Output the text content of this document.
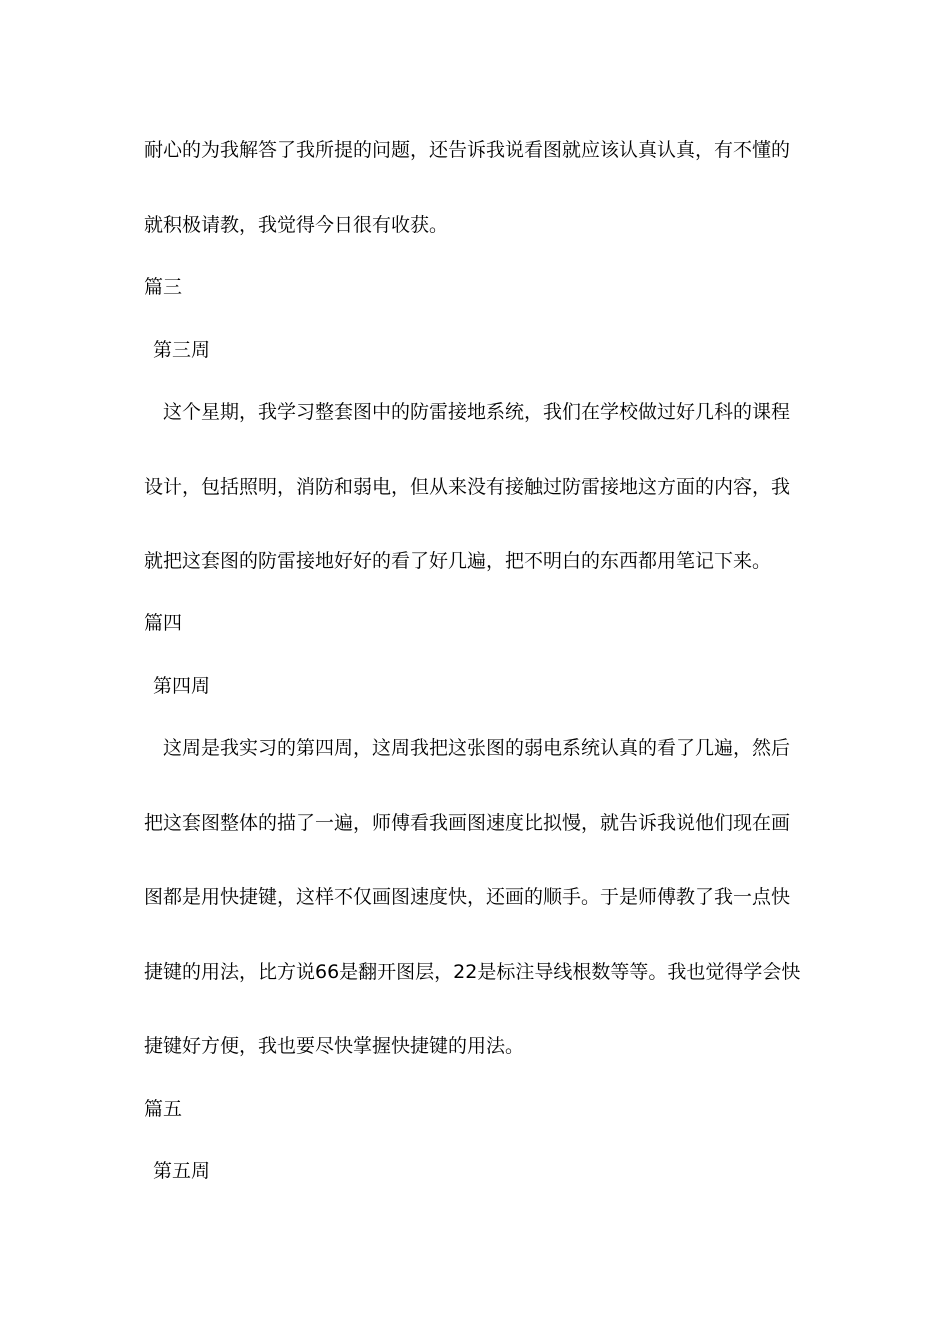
耐心的为我解答了我所提的问题，还告诉我说看图就应该认真认真，有不懂的
就积极请教，我觉得今日很有收获。
篇三
第三周
这个星期，我学习整套图中的防雷接地系统，我们在学校做过好几科的课程
设计，包括照明，消防和弱电，但从来没有接触过防雷接地这方面的内容，我
就把这套图的防雷接地好好的看了好几遍，把不明白的东西都用笔记下来。
篇四
第四周
这周是我实习的第四周，这周我把这张图的弱电系统认真的看了几遍，然后
把这套图整体的描了一遍，师傅看我画图速度比拟慢，就告诉我说他们现在画
图都是用快捷键，这样不仅画图速度快，还画的顺手。于是师傅教了我一点快
捷键的用法，比方说66是翻开图层，22是标注导线根数等等。我也觉得学会快
捷键好方便，我也要尽快掌握快捷键的用法。
篇五
第五周
